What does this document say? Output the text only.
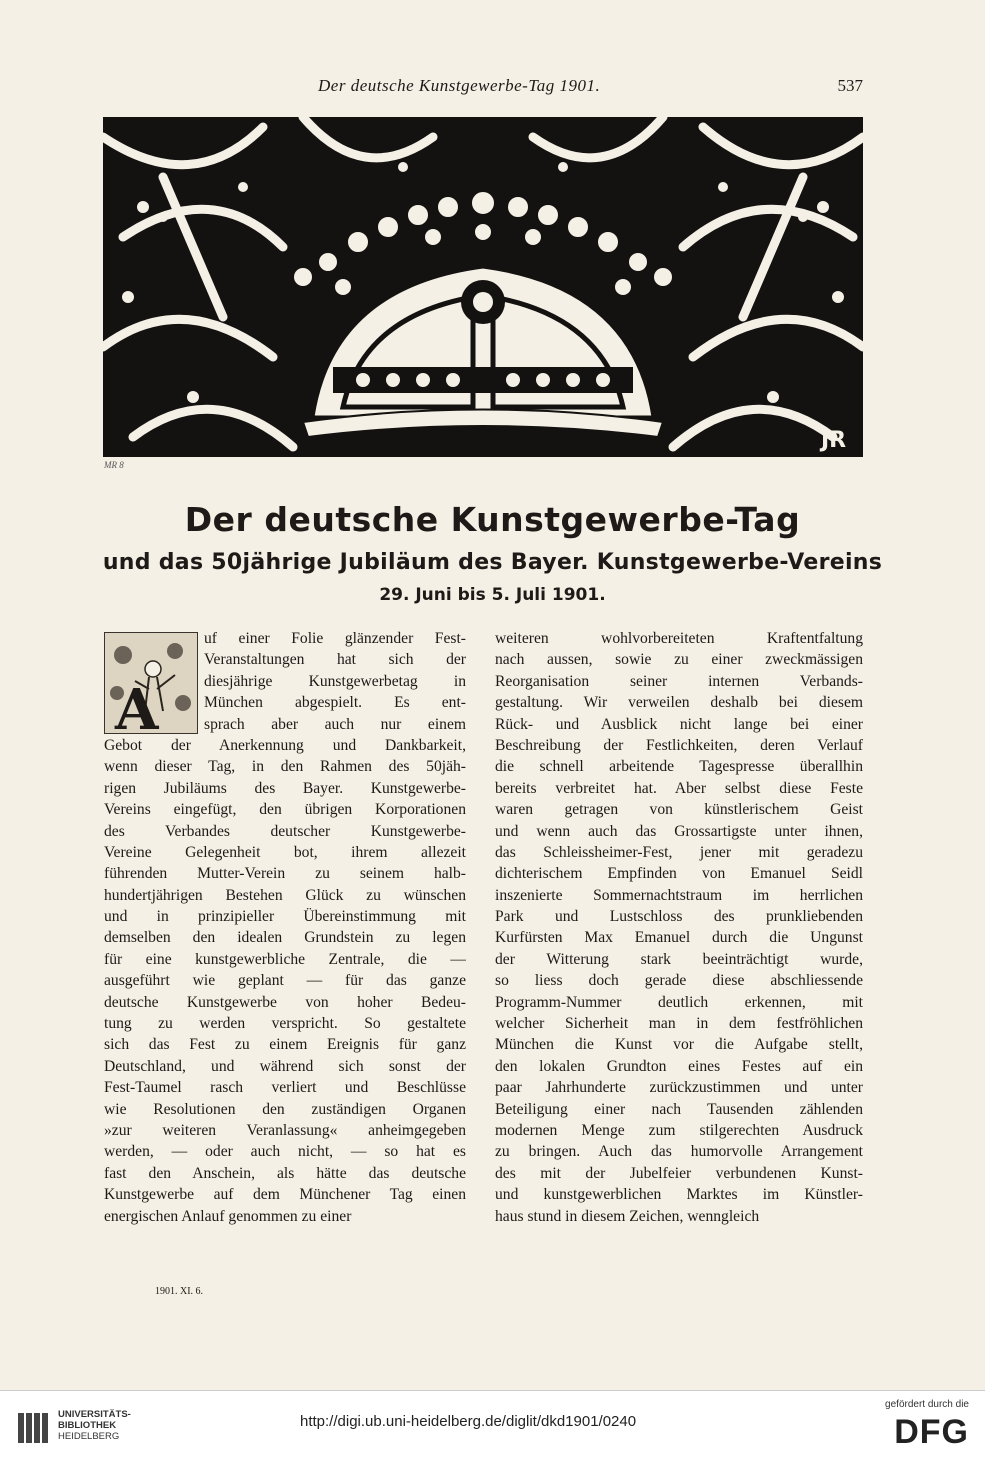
Der deutsche Kunstgewerbe-Tag 1901.	537
JR
MR 8
Der deutsche Kunstgewerbe-Tag
und das 50jährige Jubiläum des Bayer. Kunstgewerbe-Vereins
29. Juni bis 5. Juli 1901.
A
uf einer Folie glänzender Fest-
Veranstaltungen hat sich der
diesjährige Kunstgewerbetag in
München abgespielt. Es ent-
sprach aber auch nur einem
Gebot der Anerkennung und Dankbarkeit,
wenn dieser Tag, in den Rahmen des 50jäh-
rigen Jubiläums des Bayer. Kunstgewerbe-
Vereins eingefügt, den übrigen Korporationen
des Verbandes deutscher Kunstgewerbe-
Vereine Gelegenheit bot, ihrem allezeit
führenden Mutter-Verein zu seinem halb-
hundertjährigen Bestehen Glück zu wünschen
und in prinzipieller Übereinstimmung mit
demselben den idealen Grundstein zu legen
für eine kunstgewerbliche Zentrale, die —
ausgeführt wie geplant — für das ganze
deutsche Kunstgewerbe von hoher Bedeu-
tung zu werden verspricht. So gestaltete
sich das Fest zu einem Ereignis für ganz
Deutschland, und während sich sonst der
Fest-Taumel rasch verliert und Beschlüsse
wie Resolutionen den zuständigen Organen
»zur weiteren Veranlassung« anheimgegeben
werden, — oder auch nicht, — so hat es
fast den Anschein, als hätte das deutsche
Kunstgewerbe auf dem Münchener Tag einen
energischen Anlauf genommen zu einer
weiteren wohlvorbereiteten Kraftentfaltung
nach aussen, sowie zu einer zweckmässigen
Reorganisation seiner internen Verbands-
gestaltung. Wir verweilen deshalb bei diesem
Rück- und Ausblick nicht lange bei einer
Beschreibung der Festlichkeiten, deren Verlauf
die schnell arbeitende Tagespresse überallhin
bereits verbreitet hat. Aber selbst diese Feste
waren getragen von künstlerischem Geist
und wenn auch das Grossartigste unter ihnen,
das Schleissheimer-Fest, jener mit geradezu
dichterischem Empfinden von Emanuel Seidl
inszenierte Sommernachtstraum im herrlichen
Park und Lustschloss des prunkliebenden
Kurfürsten Max Emanuel durch die Ungunst
der Witterung stark beeinträchtigt wurde,
so liess doch gerade diese abschliessende
Programm-Nummer deutlich erkennen, mit
welcher Sicherheit man in dem festfröhlichen
München die Kunst vor die Aufgabe stellt,
den lokalen Grundton eines Festes auf ein
paar Jahrhunderte zurückzustimmen und unter
Beteiligung einer nach Tausenden zählenden
modernen Menge zum stilgerechten Ausdruck
zu bringen. Auch das humorvolle Arrangement
des mit der Jubelfeier verbundenen Kunst-
und kunstgewerblichen Marktes im Künstler-
haus stund in diesem Zeichen, wenngleich
1901. XI. 6.
UNIVERSITÄTS-
BIBLIOTHEK
HEIDELBERG
http://digi.ub.uni-heidelberg.de/diglit/dkd1901/0240
gefördert durch die
DFG
